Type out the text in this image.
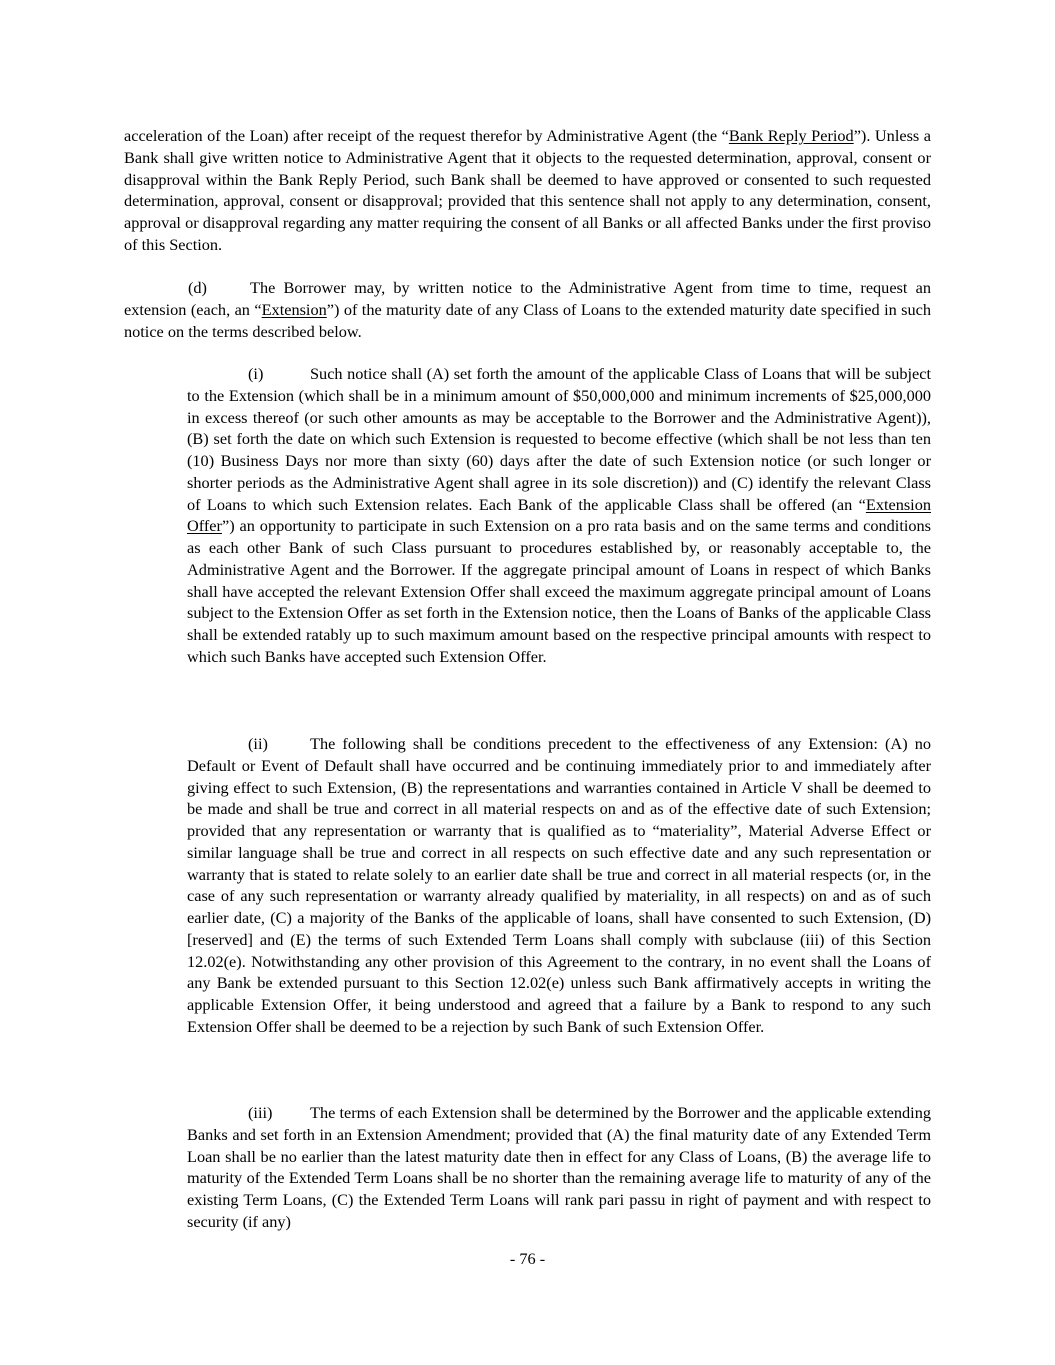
acceleration of the Loan) after receipt of the request therefor by Administrative Agent (the “Bank Reply Period”). Unless a Bank shall give written notice to Administrative Agent that it objects to the requested determination, approval, consent or disapproval within the Bank Reply Period, such Bank shall be deemed to have approved or consented to such requested determination, approval, consent or disapproval; provided that this sentence shall not apply to any determination, consent, approval or disapproval regarding any matter requiring the consent of all Banks or all affected Banks under the first proviso of this Section.

(d)	The Borrower may, by written notice to the Administrative Agent from time to time, request an extension (each, an “Extension”) of the maturity date of any Class of Loans to the extended maturity date specified in such notice on the terms described below.

(i)	Such notice shall (A) set forth the amount of the applicable Class of Loans that will be subject to the Extension (which shall be in a minimum amount of $50,000,000 and minimum increments of $25,000,000 in excess thereof (or such other amounts as may be acceptable to the Borrower and the Administrative Agent)), (B) set forth the date on which such Extension is requested to become effective (which shall be not less than ten (10) Business Days nor more than sixty (60) days after the date of such Extension notice (or such longer or shorter periods as the Administrative Agent shall agree in its sole discretion)) and (C) identify the relevant Class of Loans to which such Extension relates. Each Bank of the applicable Class shall be offered (an “Extension Offer”) an opportunity to participate in such Extension on a pro rata basis and on the same terms and conditions as each other Bank of such Class pursuant to procedures established by, or reasonably acceptable to, the Administrative Agent and the Borrower. If the aggregate principal amount of Loans in respect of which Banks shall have accepted the relevant Extension Offer shall exceed the maximum aggregate principal amount of Loans subject to the Extension Offer as set forth in the Extension notice, then the Loans of Banks of the applicable Class shall be extended ratably up to such maximum amount based on the respective principal amounts with respect to which such Banks have accepted such Extension Offer.

(ii)	The following shall be conditions precedent to the effectiveness of any Extension: (A) no Default or Event of Default shall have occurred and be continuing immediately prior to and immediately after giving effect to such Extension, (B) the representations and warranties contained in Article V shall be deemed to be made and shall be true and correct in all material respects on and as of the effective date of such Extension; provided that any representation or warranty that is qualified as to “materiality”, Material Adverse Effect or similar language shall be true and correct in all respects on such effective date and any such representation or warranty that is stated to relate solely to an earlier date shall be true and correct in all material respects (or, in the case of any such representation or warranty already qualified by materiality, in all respects) on and as of such earlier date, (C) a majority of the Banks of the applicable of loans, shall have consented to such Extension, (D) [reserved] and (E) the terms of such Extended Term Loans shall comply with subclause (iii) of this Section 12.02(e). Notwithstanding any other provision of this Agreement to the contrary, in no event shall the Loans of any Bank be extended pursuant to this Section 12.02(e) unless such Bank affirmatively accepts in writing the applicable Extension Offer, it being understood and agreed that a failure by a Bank to respond to any such Extension Offer shall be deemed to be a rejection by such Bank of such Extension Offer.

(iii) The terms of each Extension shall be determined by the Borrower and the applicable extending Banks and set forth in an Extension Amendment; provided that (A) the final maturity date of any Extended Term Loan shall be no earlier than the latest maturity date then in effect for any Class of Loans, (B) the average life to maturity of the Extended Term Loans shall be no shorter than the remaining average life to maturity of any of the existing Term Loans, (C) the Extended Term Loans will rank pari passu in right of payment and with respect to security (if any)

- 76 -
